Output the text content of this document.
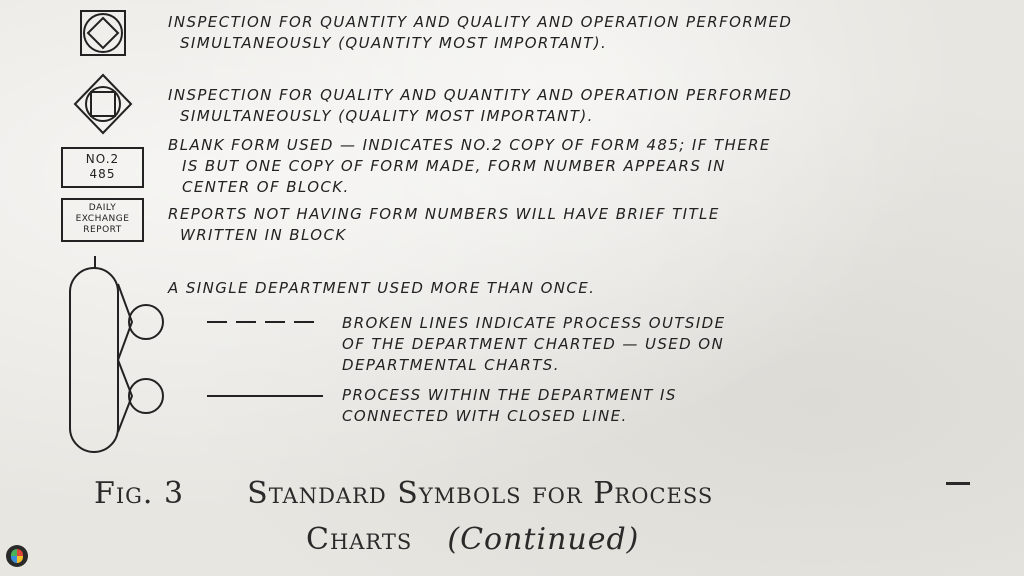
NO.2
485
DAILY
EXCHANGE
REPORT
INSPECTION FOR QUANTITY AND QUALITY AND OPERATION PERFORMED
SIMULTANEOUSLY (QUANTITY MOST IMPORTANT).
INSPECTION FOR QUALITY AND QUANTITY AND OPERATION PERFORMED
SIMULTANEOUSLY (QUALITY MOST IMPORTANT).
BLANK FORM USED — INDICATES NO.2 COPY OF FORM 485; IF THERE
IS BUT ONE COPY OF FORM MADE, FORM NUMBER APPEARS IN
CENTER OF BLOCK.
REPORTS NOT HAVING FORM NUMBERS WILL HAVE BRIEF TITLE
WRITTEN IN BLOCK
A SINGLE DEPARTMENT USED MORE THAN ONCE.
BROKEN LINES INDICATE PROCESS OUTSIDE
OF THE DEPARTMENT CHARTED — USED ON
DEPARTMENTAL CHARTS.
PROCESS WITHIN THE DEPARTMENT IS
CONNECTED WITH CLOSED LINE.
Fig. 3 Standard Symbols for Process
Charts (Continued)
